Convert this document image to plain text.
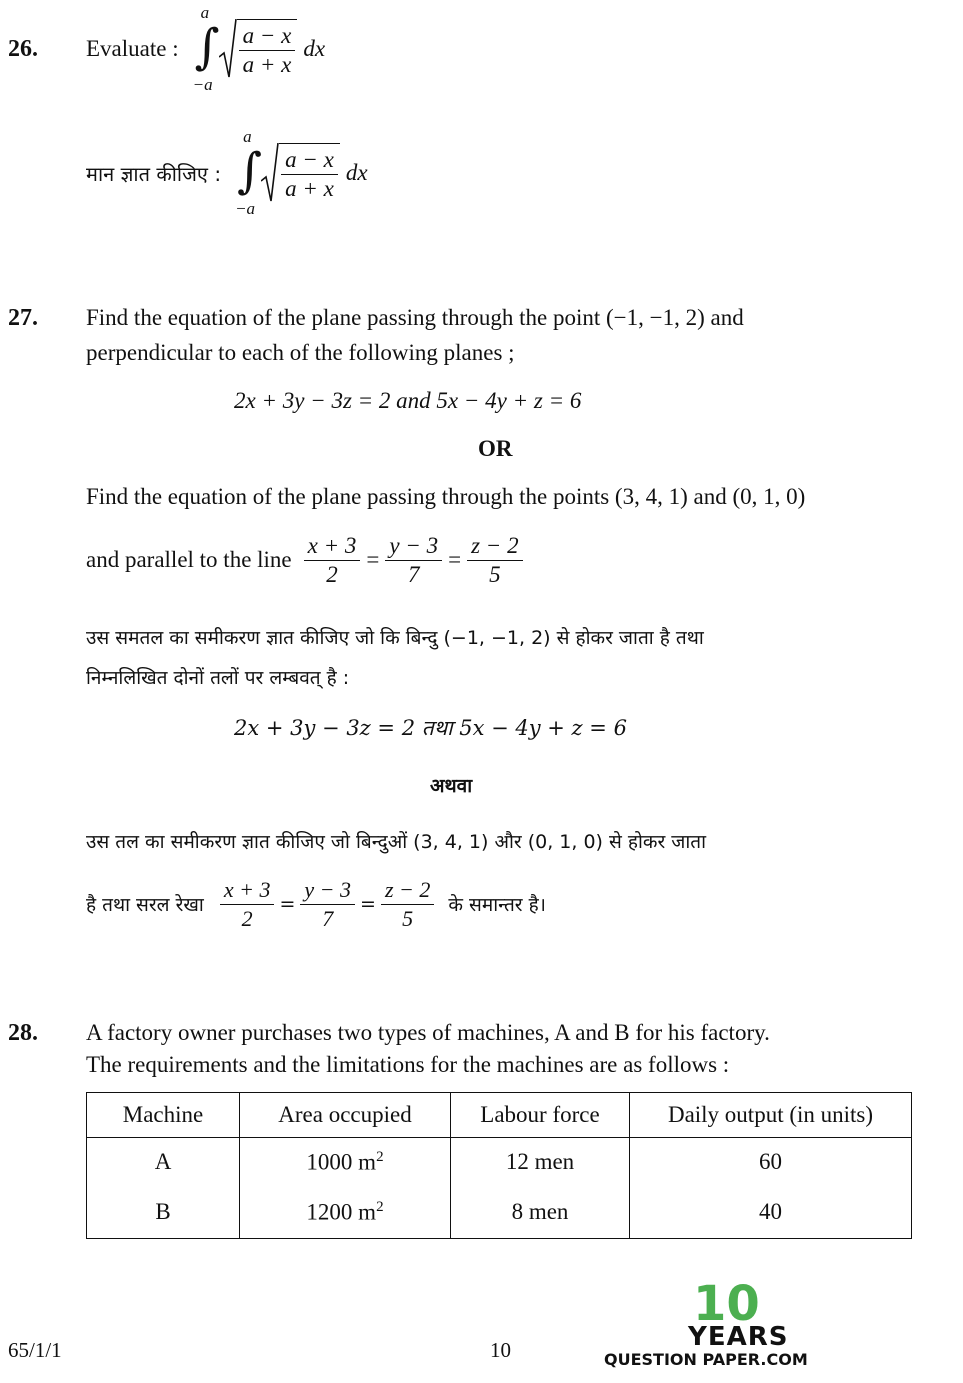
26. Evaluate :
a
∫
−a
$\frac{a - x}{a + x}$ dx
मान ज्ञात कीजिए :
a
∫
−a
$\frac{a - x}{a + x}$ dx
27. Find the equation of the plane passing through the point (−1, −1, 2) and
perpendicular to each of the following planes ;
2x + 3y − 3z = 2 and 5x − 4y + z = 6
OR
Find the equation of the plane passing through the points (3, 4, 1) and (0, 1, 0)
and parallel to the line $\frac{x + 3}{2} = \frac{y - 3}{7} = \frac{z - 2}{5}$
उस समतल का समीकरण ज्ञात कीजिए जो कि बिन्दु (−1, −1, 2) से होकर जाता है तथा
निम्नलिखित दोनों तलों पर लम्बवत् है :
2x + 3y − 3z = 2 तथा 5x − 4y + z = 6
अथवा
उस तल का समीकरण ज्ञात कीजिए जो बिन्दुओं (3, 4, 1) और (0, 1, 0) से होकर जाता
है तथा सरल रेखा $\frac{x + 3}{2} = \frac{y - 3}{7} = \frac{z - 2}{5}$ के समान्तर है।
28. A factory owner purchases two types of machines, A and B for his factory.
The requirements and the limitations for the machines are as follows :
Machine	Area occupied	Labour force	Daily output (in units)
A	1000 $m^2$	12 men	60
B	1200 $m^2$	8 men	40
65/1/1	10
10
YEARS
QUESTION PAPER.COM
